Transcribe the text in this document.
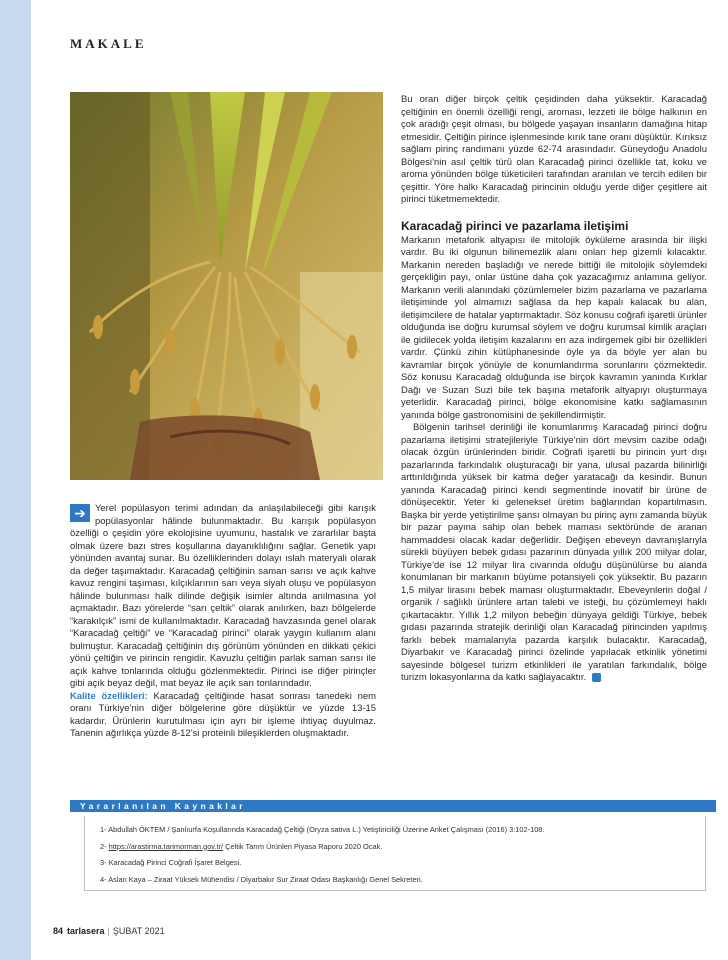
MAKALE

➔ Yerel popülasyon terimi adından da anlaşılabileceği gibi karışık popülasyonlar hâlinde bulunmaktadır. Bu karışık popülasyon özelliği o çeşidin yöre ekolojisine uyumunu, hastalık ve zararlılar başta olmak üzere bazı stres koşullarına dayanıklılığını sağlar. Genetik yapı yönünden avantaj sunar. Bu özelliklerinden dolayı ıslah materyali olarak da değer taşımaktadır. Karacadağ çeltiğinin saman sarısı ve açık kahve kavuz rengini taşıması, kılçıklarının sarı veya siyah oluşu ve popülasyon hâlinde bulunması halk dilinde değişik isimler altında anılmasına yol açmaktadır. Bazı yörelerde “sarı çeltik” olarak anılırken, bazı bölgelerde “karakılçık” ismi de kullanılmaktadır. Karacadağ havzasında genel olarak “Karacadağ çeltiği” ve “Karacadağ pirinci” olarak yaygın kullanım alanı bulmuştur. Karacadağ çeltiğinin dış görünüm yönünden en dikkati çekici yönü çeltiğin ve pirincin rengidir. Kavuzlu çeltiğin parlak saman sarısı ile açık kahve tonlarında olduğu gözlenmektedir. Pirinci ise diğer pirinçler gibi açık beyaz değil, mat beyaz ile açık sarı tonlarındadır.

Kalite özellikleri: Karacadağ çeltiğinde hasat sonrası tanedeki nem oranı Türkiye’nin diğer bölgelerine göre düşüktür ve yüzde 13-15 kadardır. Ürünlerin kurutulması için ayrı bir işleme ihtiyaç duyulmaz. Tanenin ağırlıkça yüzde 8-12’si proteinli bileşiklerden oluşmaktadır.

Bu oran diğer birçok çeltik çeşidinden daha yüksektir. Karacadağ çeltiğinin en önemli özelliği rengi, aroması, lezzeti ile bölge halkının en çok aradığı çeşit olması, bu bölgede yaşayan insanların damağına hitap etmesidir. Çeltiğin pirince işlenmesinde kırık tane oranı düşüktür. Kırıksız sağlam pirinç randımanı yüzde 62-74 arasındadır. Güneydoğu Anadolu Bölgesi’nin asıl çeltik türü olan Karacadağ pirinci özellikle tat, koku ve aroma yönünden bölge tüketicileri tarafından aranılan ve tercih edilen bir çeşittir. Yöre halkı Karacadağ pirincinin olduğu yerde diğer çeşitlere ait pirinci tüketmemektedir.

Karacadağ pirinci ve pazarlama iletişimi

Markanın metaforik altyapısı ile mitolojik öyküleme arasında bir ilişki vardır. Bu iki olgunun bilinemezlik alanı onları hep gizemli kılacaktır. Markanın nereden başladığı ve nerede bittiği ile mitolojik söylemdeki gerçekliğin payı, onlar üstüne daha çok yazacağımız anlamına geliyor. Markanın verili alanındaki çözümlemeler bizim pazarlama ve pazarlama iletişiminde yol almamızı sağlasa da hep kapalı kalacak bu alan, iletişimcilere de hatalar yaptırmaktadır. Söz konusu coğrafi işaretli ürünler olduğunda ise doğru kurumsal söylem ve doğru kurumsal kimlik araçları ile gidilecek yolda iletişim kazalarını en aza indirgemek gibi bir özellikleri vardır. Çünkü zihin kütüphanesinde öyle ya da böyle yer alan bu kavramlar birçok yönüyle de konumlandırma sorunlarını çözmektedir. Söz konusu Karacadağ olduğunda ise birçok kavramın yanında Kırklar Dağı ve Suzan Suzi bile tek başına metaforik altyapıyı oluşturmaya yeterlidir. Karacadağ pirinci, bölge ekonomisine katkı sağlamasının yanında bölge gastronomisini de şekillendirmiştir.

Bölgenin tarihsel derinliği ile konumlanmış Karacadağ pirinci doğru pazarlama iletişimi stratejileriyle Türkiye’nin dört mevsim cazibe odağı olacak özgün ürünlerinden biridir. Coğrafi işaretli bu pirincin yurt dışı pazarlarında farkındalık oluşturacağı bir yana, ulusal pazarda bilinirliği arttırıldığında yüksek bir katma değer yaratacağı da kesindir. Bunun yanında Karacadağ pirinci kendi segmentinde inovatif bir ürüne de dönüşecektir. Yeter ki geleneksel üretim bağlarından kopartılmasın. Başka bir yerde yetiştirilme şansı olmayan bu pirinç aynı zamanda büyük bir pazar payına sahip olan bebek maması sektöründe de aranan hammaddesi olacak kadar değerlidir. Değişen ebeveyn davranışlarıyla sürekli büyüyen bebek gıdası pazarının dünyada yıllık 200 milyar dolar, Türkiye’de ise 12 milyar lira civarında olduğu düşünülürse bu alanda konumlanan bir markanın büyüme potansiyeli çok yüksektir. Bu pazarın 1,5 milyar lirasını bebek maması oluşturmaktadır. Ebeveynlerin doğal / organik / sağlıklı ürünlere artan talebi ve isteği, bu çözümlemeyi haklı çıkartacaktır. Yıllık 1,2 milyon bebeğin dünyaya geldiği Türkiye, bebek gıdası pazarında stratejik derinliği olan Karacadağ pirincinden yapılmış farklı bebek mamalarıyla pazarda karşılık bulacaktır. Karacadağ, Diyarbakır ve Karacadağ pirinci özelinde yapılacak etkinlik yönetimi sayesinde bölgesel turizm etkinlikleri ile yaratılan farkındalık, bölge turizm lokasyonlarına da katkı sağlayacaktır.

Yararlanılan Kaynaklar
1- Abdullah ÖKTEM / Şanlıurfa Koşullarında Karacadağ Çeltiği (Oryza sativa L.) Yetiştiriciliği Üzerine Anket Çalışması (2016) 3:102-108.
2- https://arastirma.tarimorman.gov.tr/ Çeltik Tarım Ürünleri Piyasa Raporu 2020 Ocak.
3- Karacadağ Pirinci Coğrafi İşaret Belgesi.
4- Aslan Kaya – Ziraat Yüksek Mühendisi / Diyarbakır Sur Ziraat Odası Başkanlığı Genel Sekreteri.
84 tarlasera | ŞUBAT 2021
